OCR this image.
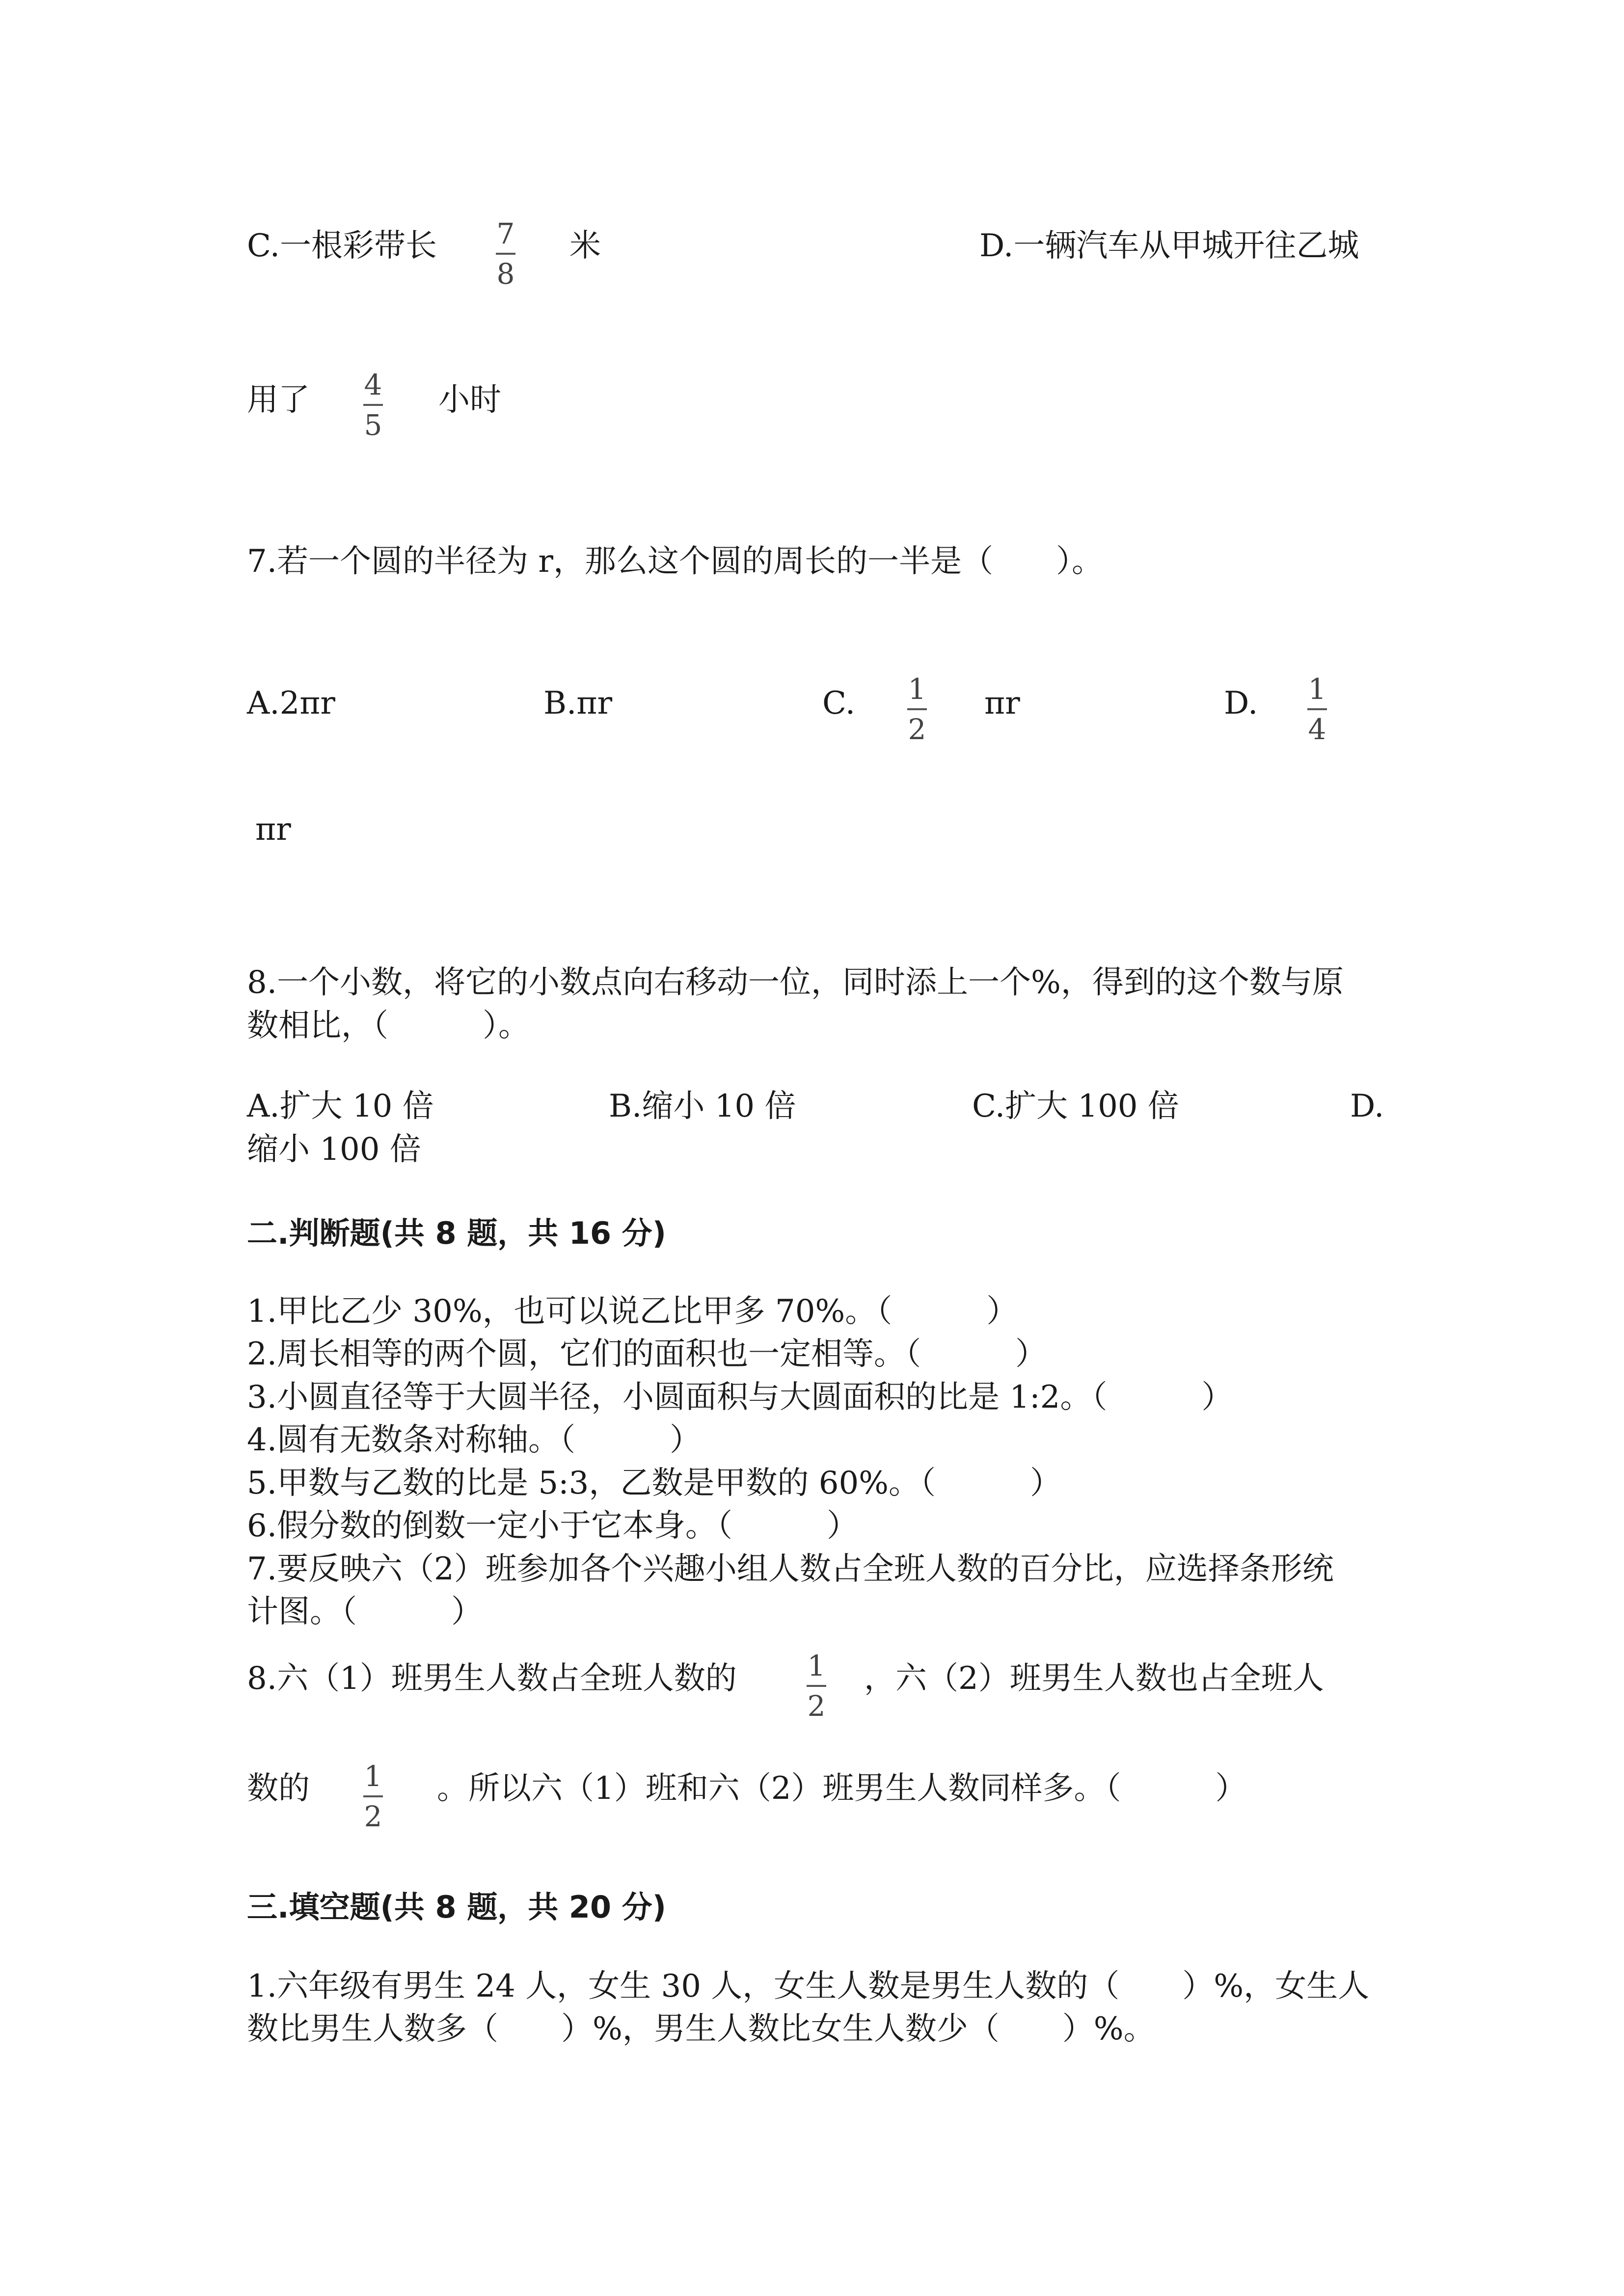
C.一根彩带长 7
8
米	D.一辆汽车从甲城开往乙城
用了 4
5
小时
7.若一个圆的半径为 r，那么这个圆的周长的一半是（　　）。
A.2πr	B.πr	C. 1
2
πr	D. 1
4
πr
8.一个小数，将它的小数点向右移动一位，同时添上一个%，得到的这个数与原
数相比，（　　　）。
A.扩大 10 倍	B.缩小 10 倍	C.扩大 100 倍	D.
缩小 100 倍
二.判断题(共 8 题，共 16 分)
1.甲比乙少 30%，也可以说乙比甲多 70%。（　　　）
2.周长相等的两个圆，它们的面积也一定相等。（　　　）
3.小圆直径等于大圆半径，小圆面积与大圆面积的比是 1:2。（　　　）
4.圆有无数条对称轴。（　　　）
5.甲数与乙数的比是 5:3，乙数是甲数的 60%。（　　　）
6.假分数的倒数一定小于它本身。（　　　）
7.要反映六（2）班参加各个兴趣小组人数占全班人数的百分比，应选择条形统
计图。（　　　）
8.六（1）班男生人数占全班人数的 1
2
，六（2）班男生人数也占全班人
数的 1
2
。所以六（1）班和六（2）班男生人数同样多。（　　　）
三.填空题(共 8 题，共 20 分)
1.六年级有男生 24 人，女生 30 人，女生人数是男生人数的（　　）%，女生人
数比男生人数多（　　）%，男生人数比女生人数少（　　）%。
